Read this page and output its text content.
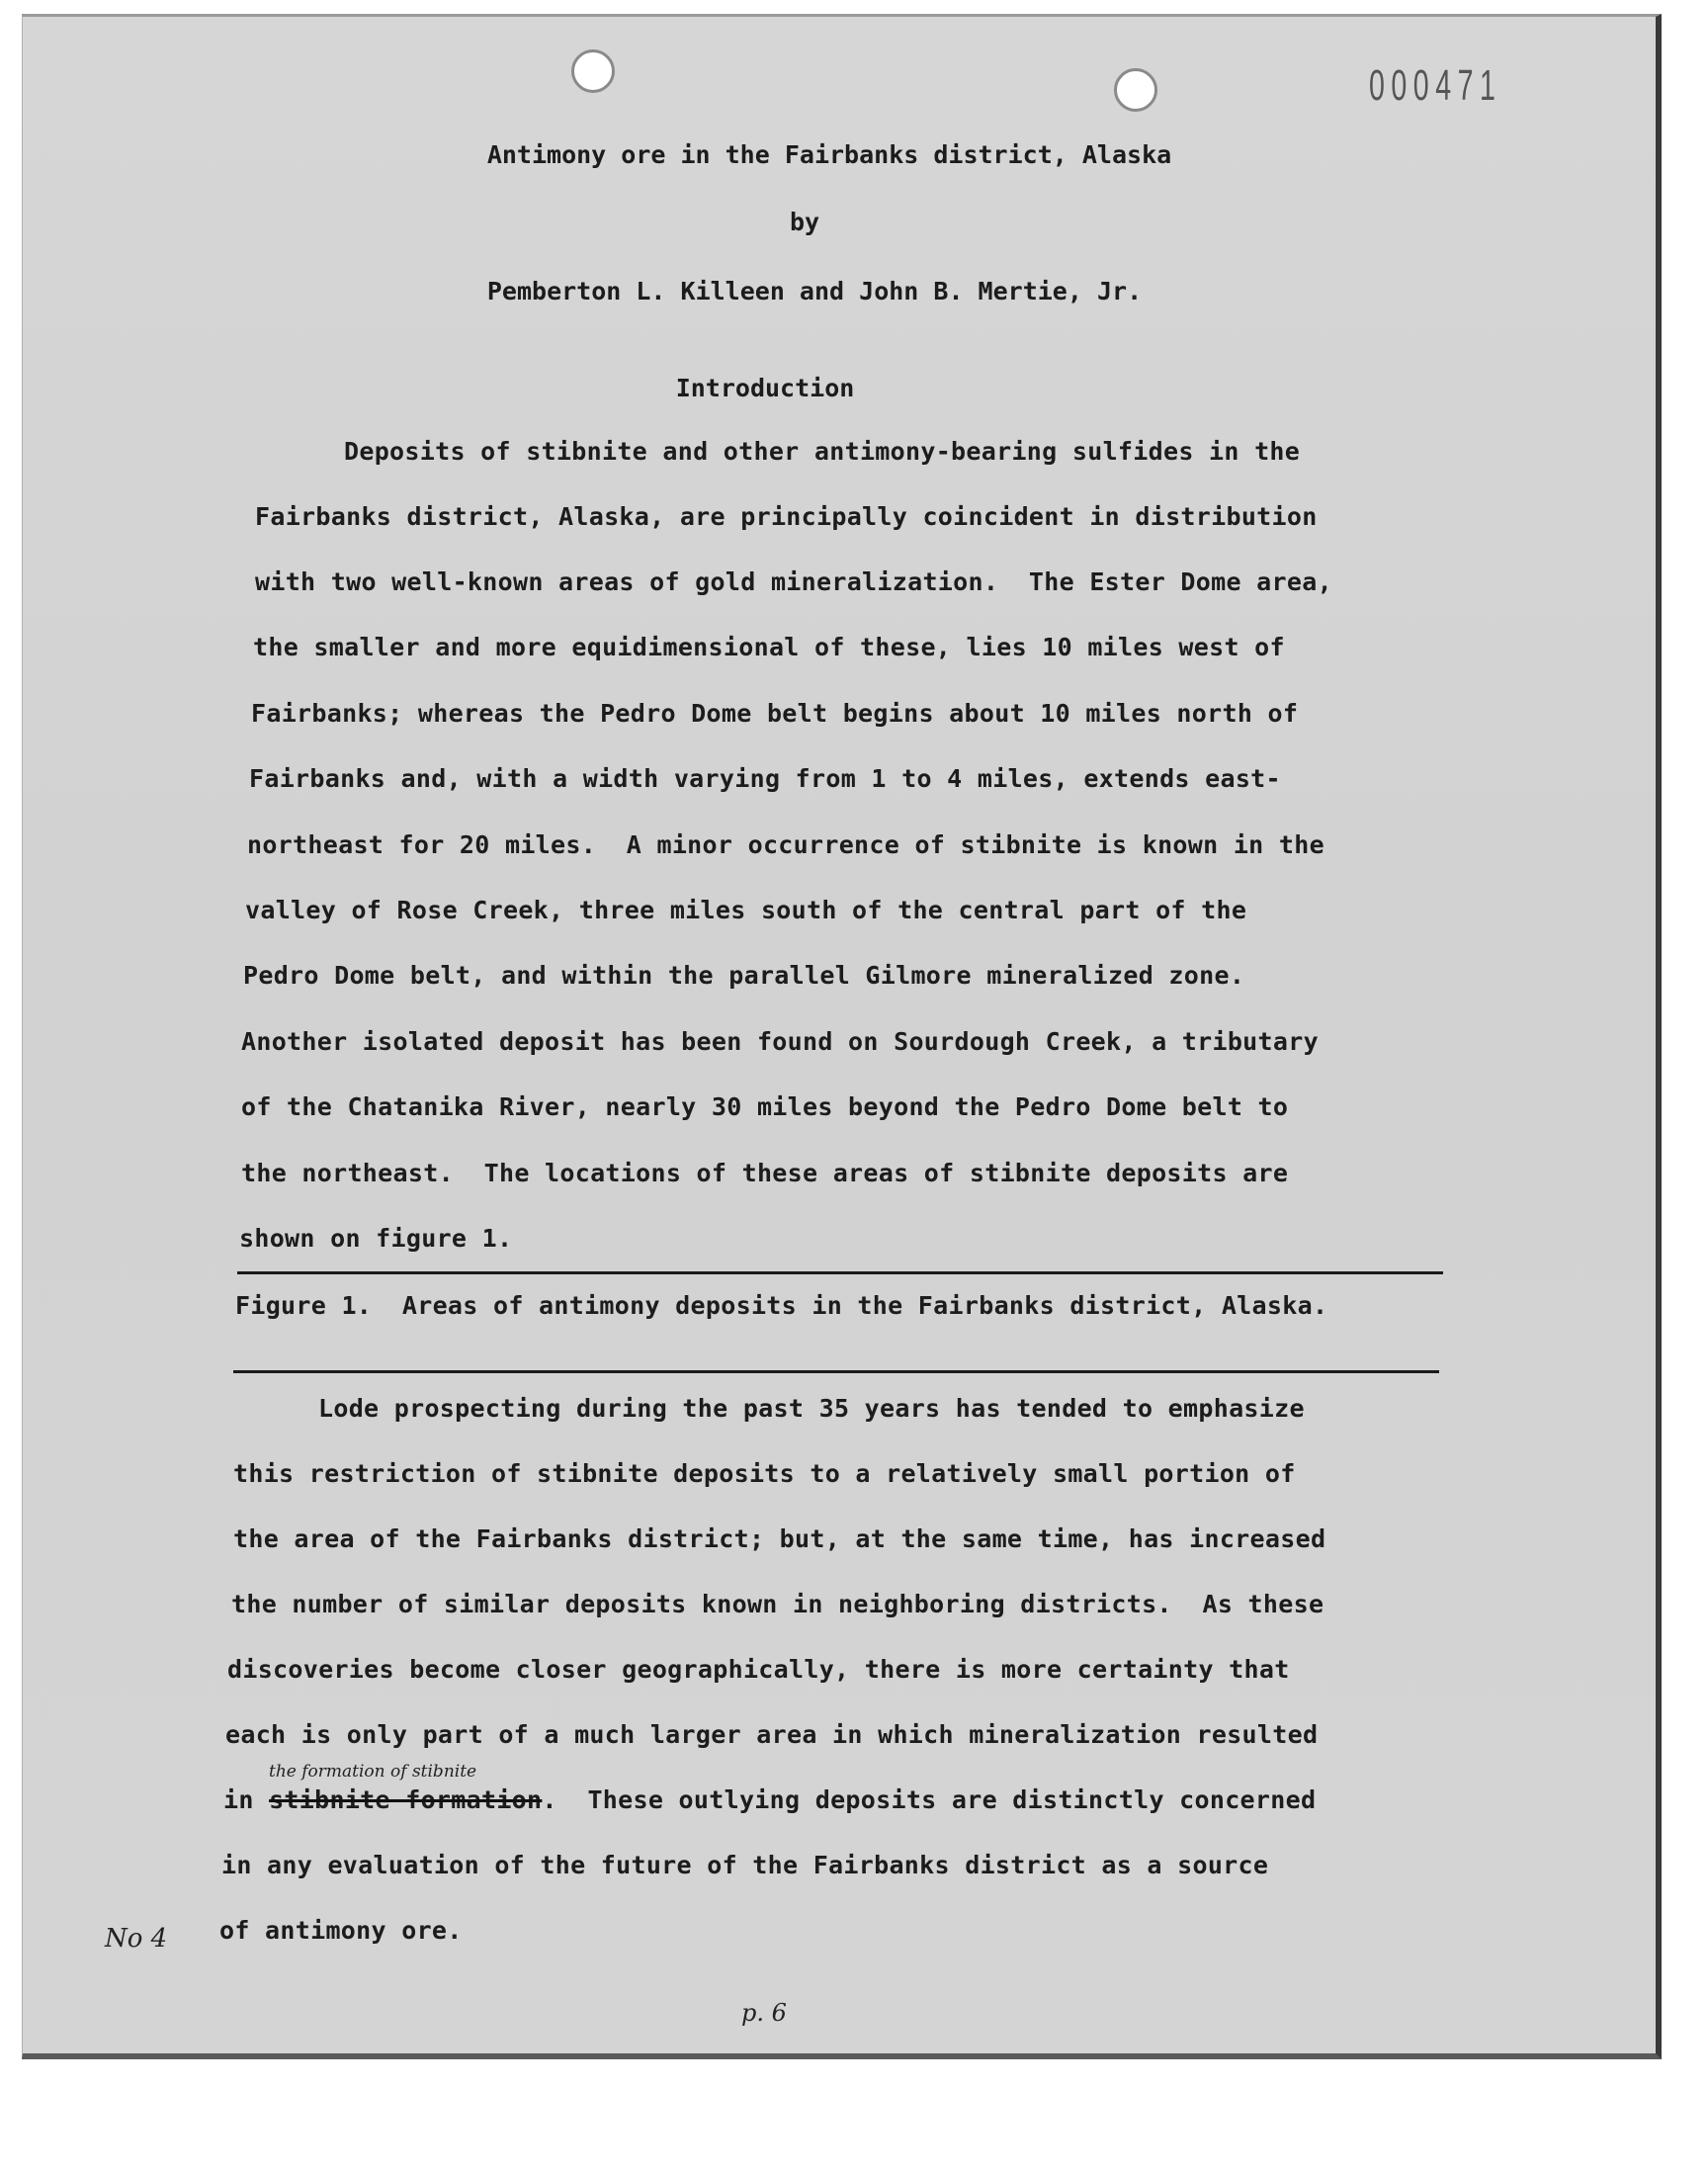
000471
Antimony ore in the Fairbanks district, Alaska
by
Pemberton L. Killeen and John B. Mertie, Jr.
Introduction
Deposits of stibnite and other antimony-bearing sulfides in the
Fairbanks district, Alaska, are principally coincident in distribution
with two well-known areas of gold mineralization.  The Ester Dome area,
the smaller and more equidimensional of these, lies 10 miles west of
Fairbanks; whereas the Pedro Dome belt begins about 10 miles north of
Fairbanks and, with a width varying from 1 to 4 miles, extends east-
northeast for 20 miles.  A minor occurrence of stibnite is known in the
valley of Rose Creek, three miles south of the central part of the
Pedro Dome belt, and within the parallel Gilmore mineralized zone.
Another isolated deposit has been found on Sourdough Creek, a tributary
of the Chatanika River, nearly 30 miles beyond the Pedro Dome belt to
the northeast.  The locations of these areas of stibnite deposits are
shown on figure 1.
Figure 1.  Areas of antimony deposits in the Fairbanks district, Alaska.
Lode prospecting during the past 35 years has tended to emphasize
this restriction of stibnite deposits to a relatively small portion of
the area of the Fairbanks district; but, at the same time, has increased
the number of similar deposits known in neighboring districts.  As these
discoveries become closer geographically, there is more certainty that
each is only part of a much larger area in which mineralization resulted
the formation of stibnite
in stibnite formation.  These outlying deposits are distinctly concerned
in any evaluation of the future of the Fairbanks district as a source
of antimony ore.
No 4
p. 6
